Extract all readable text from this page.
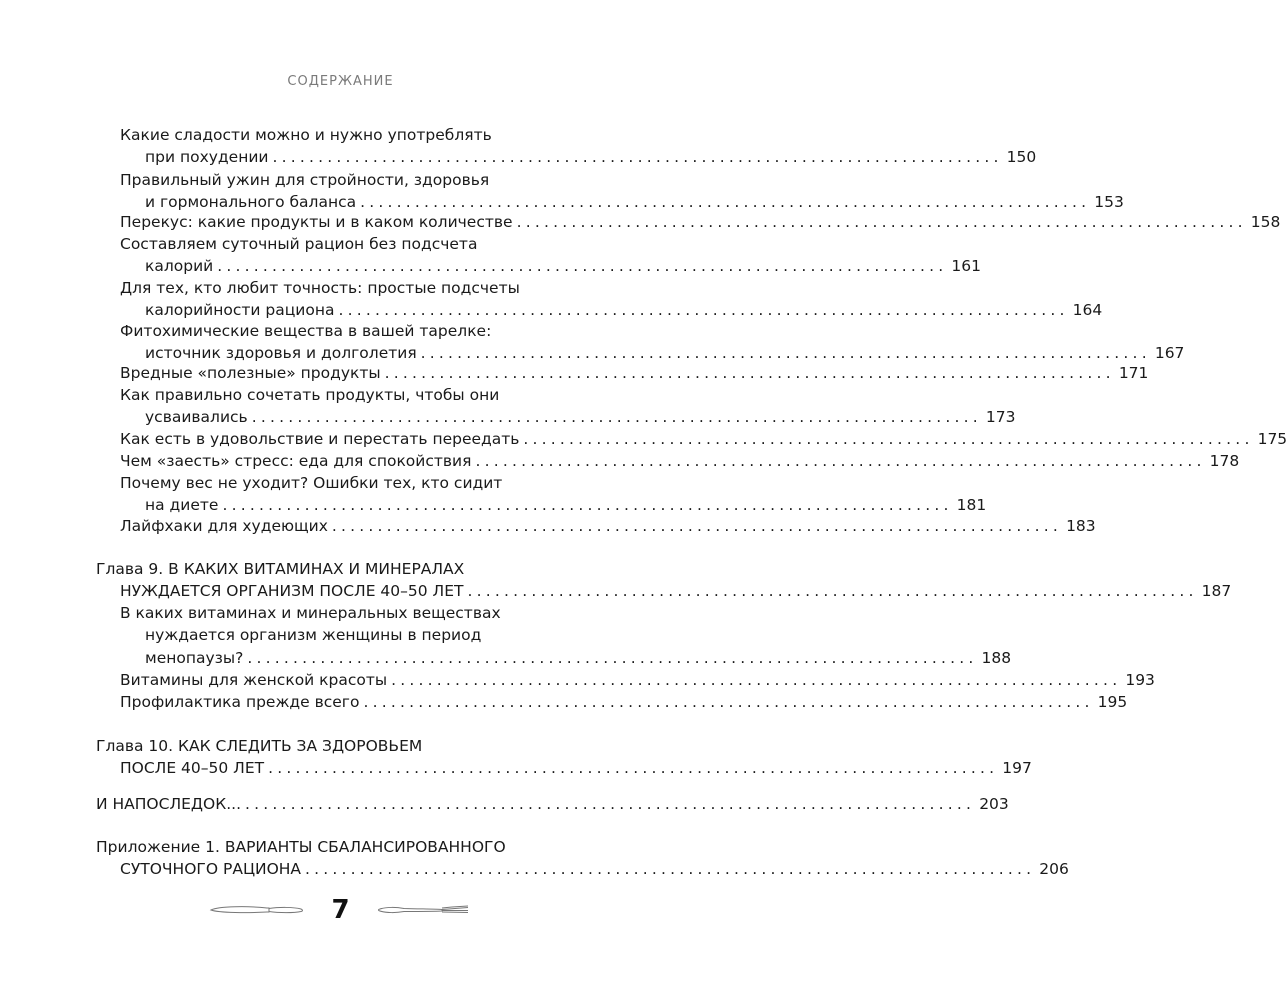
СОДЕРЖАНИЕ
Какие сладости можно и нужно употреблять
при похудении ................................................................................ 150
Правильный ужин для стройности, здоровья
и гормонального баланса ................................................................................ 153
Перекус: какие продукты и в каком количестве ................................................................................ 158
Составляем суточный рацион без подсчета
калорий ................................................................................ 161
Для тех, кто любит точность: простые подсчеты
калорийности рациона ................................................................................ 164
Фитохимические вещества в вашей тарелке:
источник здоровья и долголетия ................................................................................ 167
Вредные «полезные» продукты ................................................................................ 171
Как правильно сочетать продукты, чтобы они
усваивались ................................................................................ 173
Как есть в удовольствие и перестать переедать ................................................................................ 175
Чем «заесть» стресс: еда для спокойствия ................................................................................ 178
Почему вес не уходит? Ошибки тех, кто сидит
на диете ................................................................................ 181
Лайфхаки для худеющих ................................................................................ 183
Глава 9. В КАКИХ ВИТАМИНАХ И МИНЕРАЛАХ
НУЖДАЕТСЯ ОРГАНИЗМ ПОСЛЕ 40–50 ЛЕТ ................................................................................ 187
В каких витаминах и минеральных веществах
нуждается организм женщины в период
менопаузы? ................................................................................ 188
Витамины для женской красоты ................................................................................ 193
Профилактика прежде всего ................................................................................ 195
Глава 10. КАК СЛЕДИТЬ ЗА ЗДОРОВЬЕМ
ПОСЛЕ 40–50 ЛЕТ ................................................................................ 197
И НАПОСЛЕДОК... ................................................................................ 203
Приложение 1. ВАРИАНТЫ СБАЛАНСИРОВАННОГО
СУТОЧНОГО РАЦИОНА ................................................................................ 206
7
